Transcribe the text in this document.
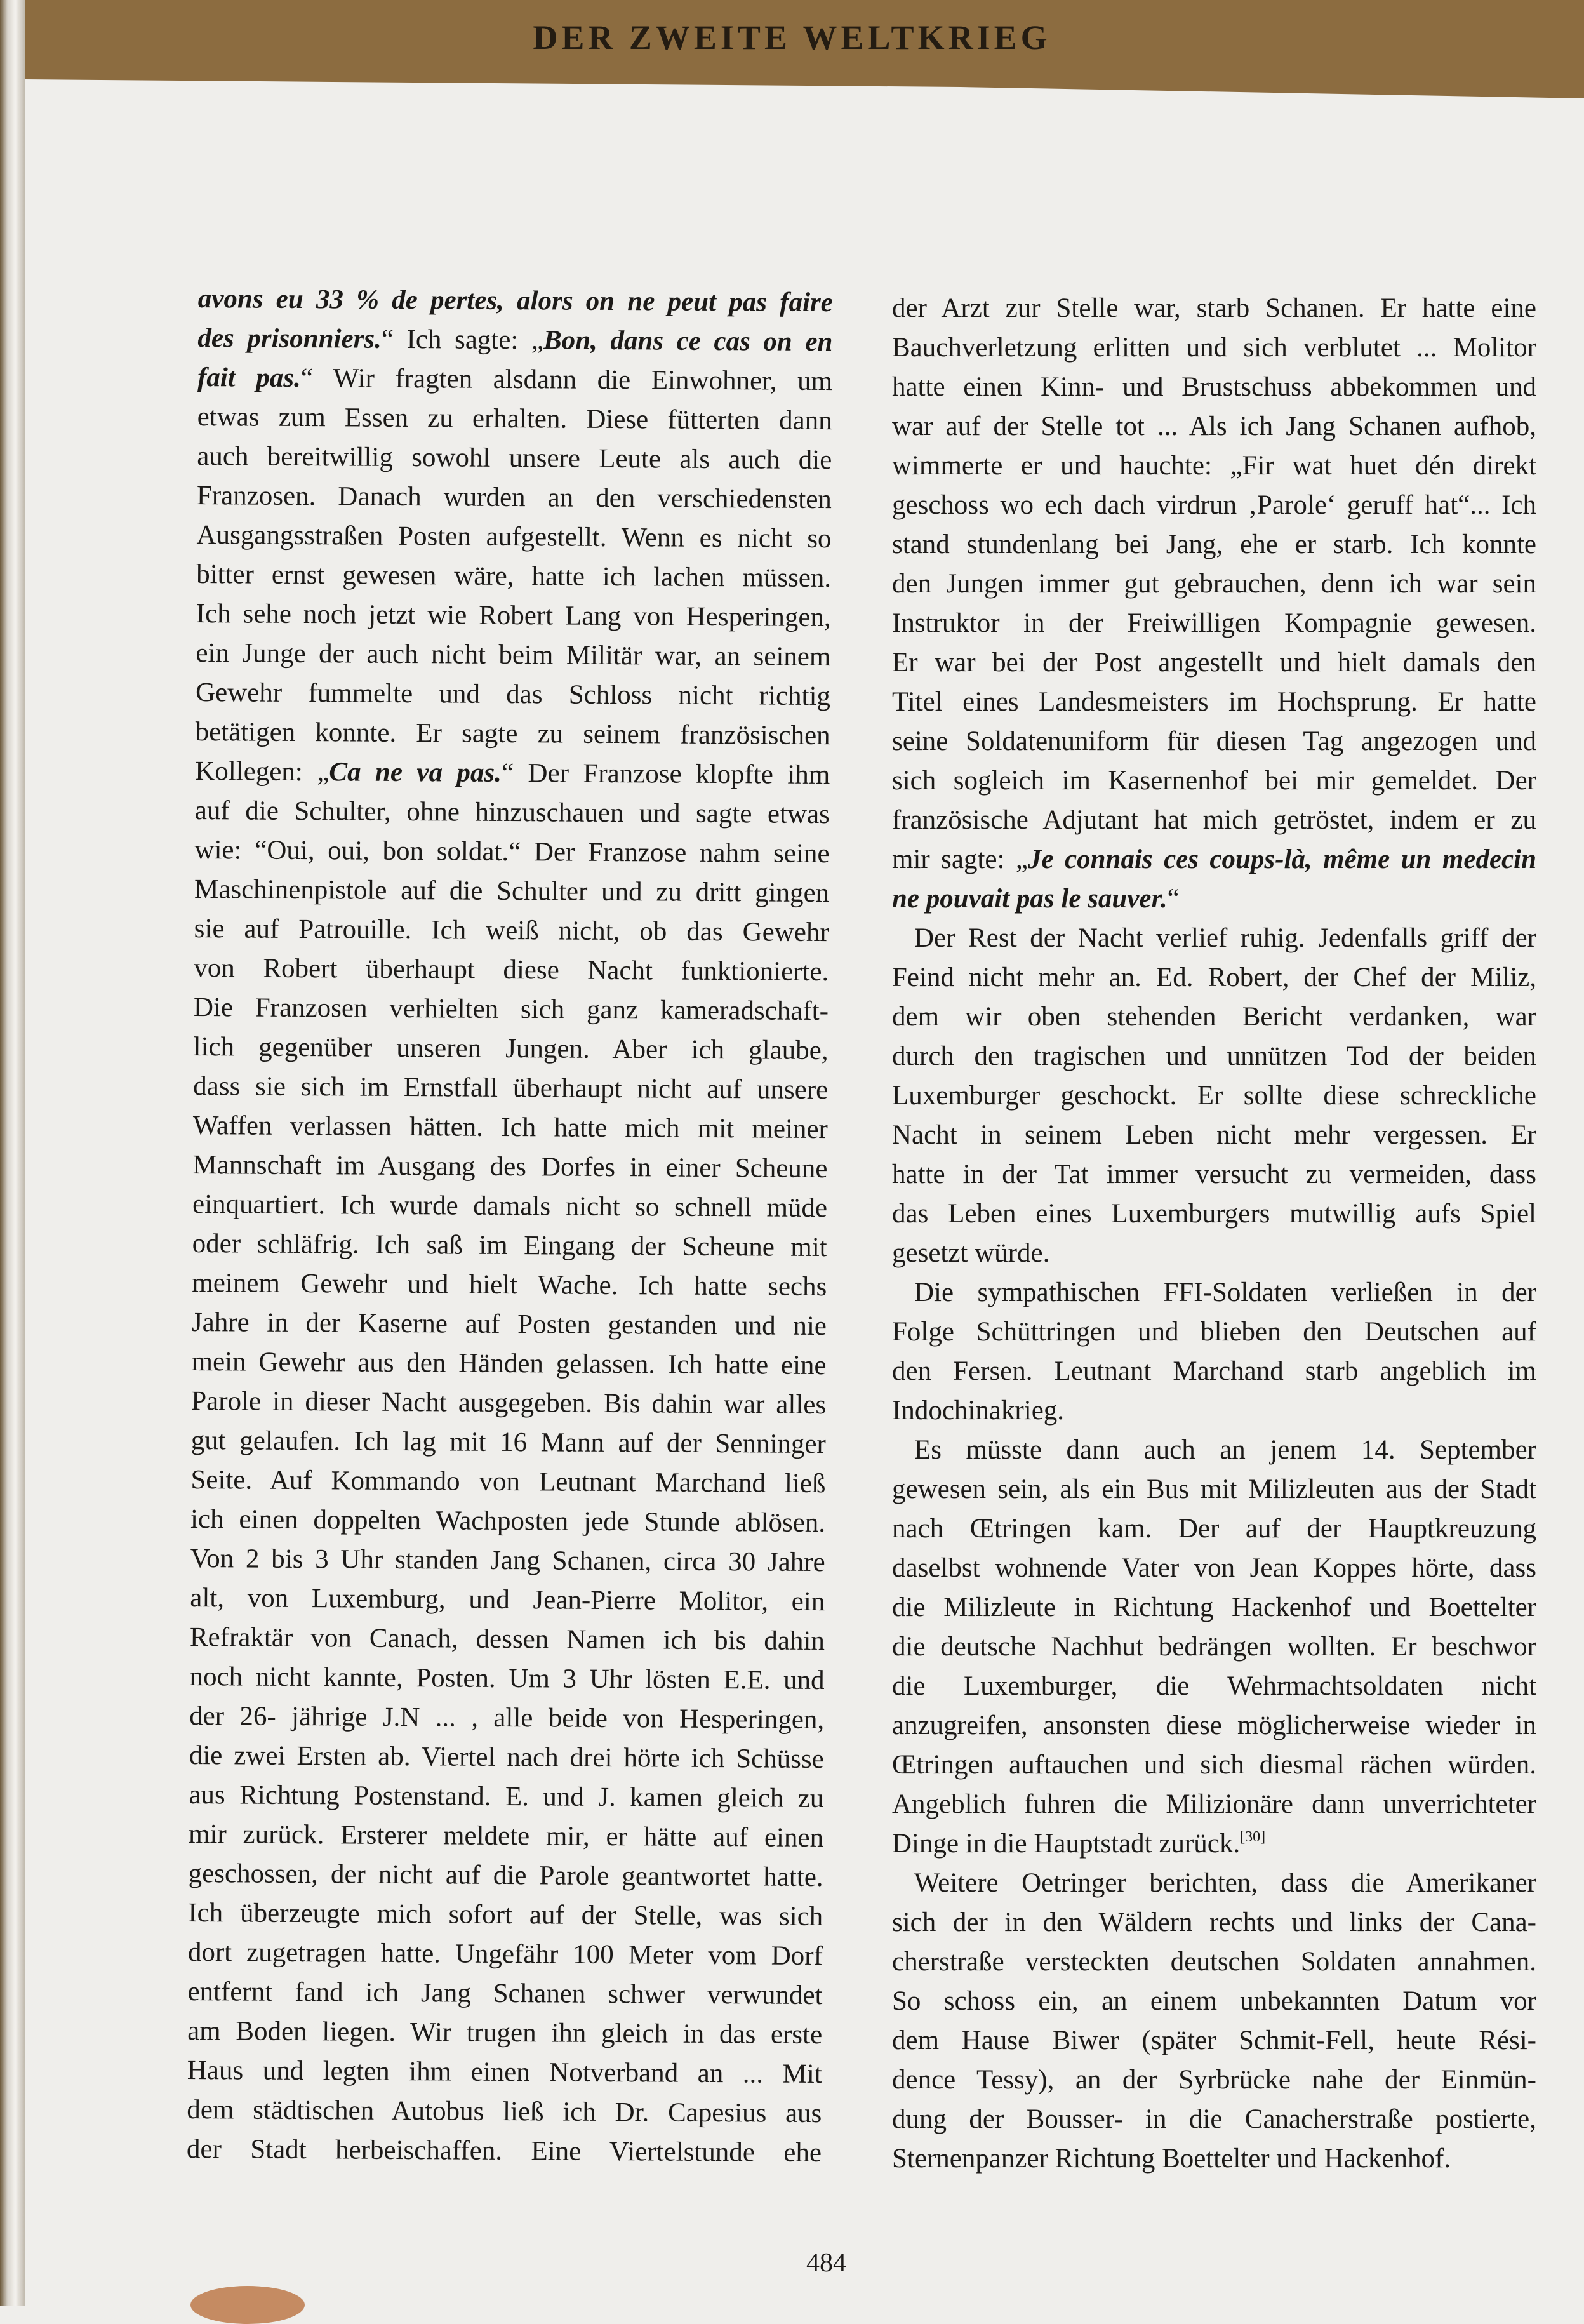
DER ZWEITE WELTKRIEG
avons eu 33 % de pertes, alors on ne peut pas faire
des prisonniers.“ Ich sagte: „Bon, dans ce cas on en
fait pas.“ Wir fragten alsdann die Einwohner, um
etwas zum Essen zu erhalten. Diese fütterten dann
auch bereitwillig sowohl unsere Leute als auch die
Franzosen. Danach wurden an den verschiedensten
Ausgangsstraßen Posten aufgestellt. Wenn es nicht so
bitter ernst gewesen wäre, hatte ich lachen müssen.
Ich sehe noch jetzt wie Robert Lang von Hesperingen,
ein Junge der auch nicht beim Militär war, an seinem
Gewehr fummelte und das Schloss nicht richtig
betätigen konnte. Er sagte zu seinem französischen
Kollegen: „Ca ne va pas.“ Der Franzose klopfte ihm
auf die Schulter, ohne hinzuschauen und sagte etwas
wie: “Oui, oui, bon soldat.“ Der Franzose nahm seine
Maschinenpistole auf die Schulter und zu dritt gingen
sie auf Patrouille. Ich weiß nicht, ob das Gewehr
von Robert überhaupt diese Nacht funktionierte.
Die Franzosen verhielten sich ganz kameradschaft-
lich gegenüber unseren Jungen. Aber ich glaube,
dass sie sich im Ernstfall überhaupt nicht auf unsere
Waffen verlassen hätten. Ich hatte mich mit meiner
Mannschaft im Ausgang des Dorfes in einer Scheune
einquartiert. Ich wurde damals nicht so schnell müde
oder schläfrig. Ich saß im Eingang der Scheune mit
meinem Gewehr und hielt Wache. Ich hatte sechs
Jahre in der Kaserne auf Posten gestanden und nie
mein Gewehr aus den Händen gelassen. Ich hatte eine
Parole in dieser Nacht ausgegeben. Bis dahin war alles
gut gelaufen. Ich lag mit 16 Mann auf der Senninger
Seite. Auf Kommando von Leutnant Marchand ließ
ich einen doppelten Wachposten jede Stunde ablösen.
Von 2 bis 3 Uhr standen Jang Schanen, circa 30 Jahre
alt, von Luxemburg, und Jean-Pierre Molitor, ein
Refraktär von Canach, dessen Namen ich bis dahin
noch nicht kannte, Posten. Um 3 Uhr lösten E.E. und
der 26- jährige J.N ... , alle beide von Hesperingen,
die zwei Ersten ab. Viertel nach drei hörte ich Schüsse
aus Richtung Postenstand. E. und J. kamen gleich zu
mir zurück. Ersterer meldete mir, er hätte auf einen
geschossen, der nicht auf die Parole geantwortet hatte.
Ich überzeugte mich sofort auf der Stelle, was sich
dort zugetragen hatte. Ungefähr 100 Meter vom Dorf
entfernt fand ich Jang Schanen schwer verwundet
am Boden liegen. Wir trugen ihn gleich in das erste
Haus und legten ihm einen Notverband an ... Mit
dem städtischen Autobus ließ ich Dr. Capesius aus
der Stadt herbeischaffen. Eine Viertelstunde ehe
der Arzt zur Stelle war, starb Schanen. Er hatte eine
Bauchverletzung erlitten und sich verblutet ... Molitor
hatte einen Kinn- und Brustschuss abbekommen und
war auf der Stelle tot ... Als ich Jang Schanen aufhob,
wimmerte er und hauchte: „Fir wat huet dén direkt
geschoss wo ech dach virdrun ‚Parole‘ geruff hat“... Ich
stand stundenlang bei Jang, ehe er starb. Ich konnte
den Jungen immer gut gebrauchen, denn ich war sein
Instruktor in der Freiwilligen Kompagnie gewesen.
Er war bei der Post angestellt und hielt damals den
Titel eines Landesmeisters im Hochsprung. Er hatte
seine Soldatenuniform für diesen Tag angezogen und
sich sogleich im Kasernenhof bei mir gemeldet. Der
französische Adjutant hat mich getröstet, indem er zu
mir sagte: „Je connais ces coups-là, même un medecin
ne pouvait pas le sauver.“
Der Rest der Nacht verlief ruhig. Jedenfalls griff der
Feind nicht mehr an. Ed. Robert, der Chef der Miliz,
dem wir oben stehenden Bericht verdanken, war
durch den tragischen und unnützen Tod der beiden
Luxemburger geschockt. Er sollte diese schreckliche
Nacht in seinem Leben nicht mehr vergessen. Er
hatte in der Tat immer versucht zu vermeiden, dass
das Leben eines Luxemburgers mutwillig aufs Spiel
gesetzt würde.
Die sympathischen FFI-Soldaten verließen in der
Folge Schüttringen und blieben den Deutschen auf
den Fersen. Leutnant Marchand starb angeblich im
Indochinakrieg.
Es müsste dann auch an jenem 14. September
gewesen sein, als ein Bus mit Milizleuten aus der Stadt
nach Œtringen kam. Der auf der Hauptkreuzung
daselbst wohnende Vater von Jean Koppes hörte, dass
die Milizleute in Richtung Hackenhof und Boettelter
die deutsche Nachhut bedrängen wollten. Er beschwor
die Luxemburger, die Wehrmachtsoldaten nicht
anzugreifen, ansonsten diese möglicherweise wieder in
Œtringen auftauchen und sich diesmal rächen würden.
Angeblich fuhren die Milizionäre dann unverrichteter
Dinge in die Hauptstadt zurück.[30]
Weitere Oetringer berichten, dass die Amerikaner
sich der in den Wäldern rechts und links der Cana-
cherstraße versteckten deutschen Soldaten annahmen.
So schoss ein, an einem unbekannten Datum vor
dem Hause Biwer (später Schmit-Fell, heute Rési-
dence Tessy), an der Syrbrücke nahe der Einmün-
dung der Bousser- in die Canacherstraße postierte,
Sternenpanzer Richtung Boettelter und Hackenhof.
484
